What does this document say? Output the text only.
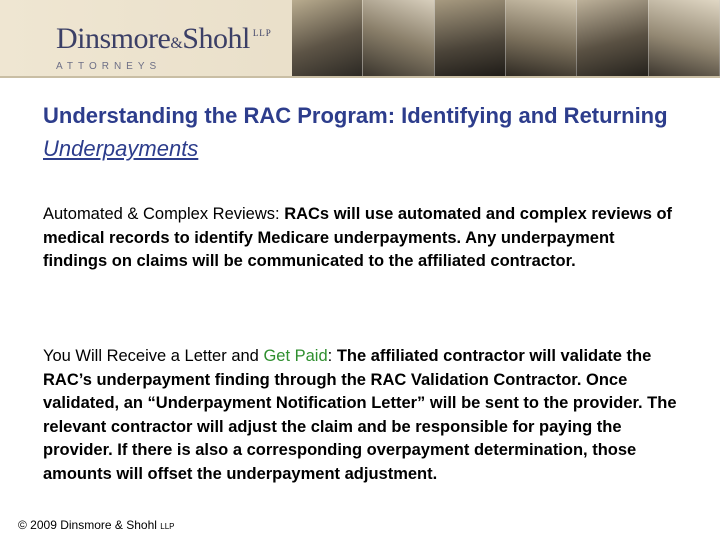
Dinsmore&Shohl $^{LLP}$
ATTORNEYS
Understanding the RAC Program: Identifying and Returning Underpayments

Automated & Complex Reviews: RACs will use automated and complex reviews of medical records to identify Medicare underpayments. Any underpayment findings on claims will be communicated to the affiliated contractor.

You Will Receive a Letter and Get Paid: The affiliated contractor will validate the RAC’s underpayment finding through the RAC Validation Contractor. Once validated, an “Underpayment Notification Letter” will be sent to the provider. The relevant contractor will adjust the claim and be responsible for paying the provider. If there is also a corresponding overpayment determination, those amounts will offset the underpayment adjustment.

© 2009 Dinsmore & Shohl LLP
